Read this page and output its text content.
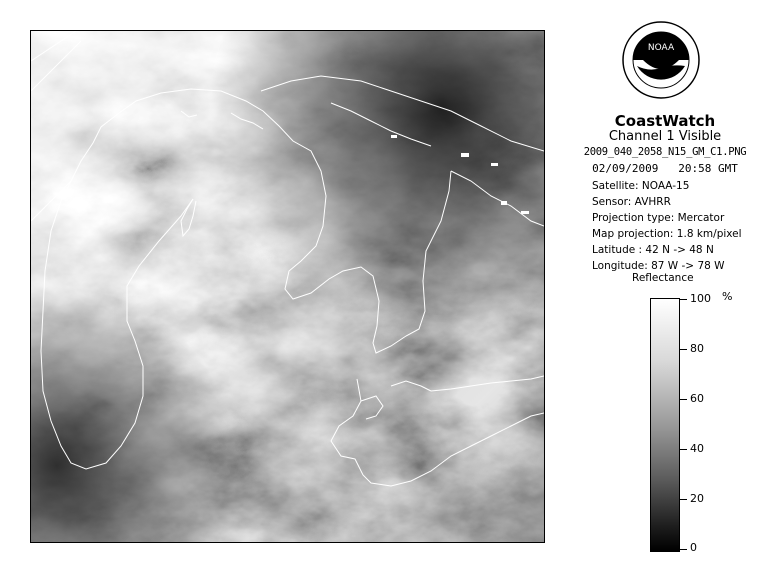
NOAA
CoastWatch
Channel 1 Visible
2009_040_2058_N15_GM_C1.PNG
02/09/2009   20:58 GMT
Satellite: NOAA-15
Sensor: AVHRR
Projection type: Mercator
Map projection: 1.8 km/pixel
Latitude : 42 N -> 48 N
Longitude: 87 W -> 78 W
Reflectance
%
100
80
60
40
20
0
